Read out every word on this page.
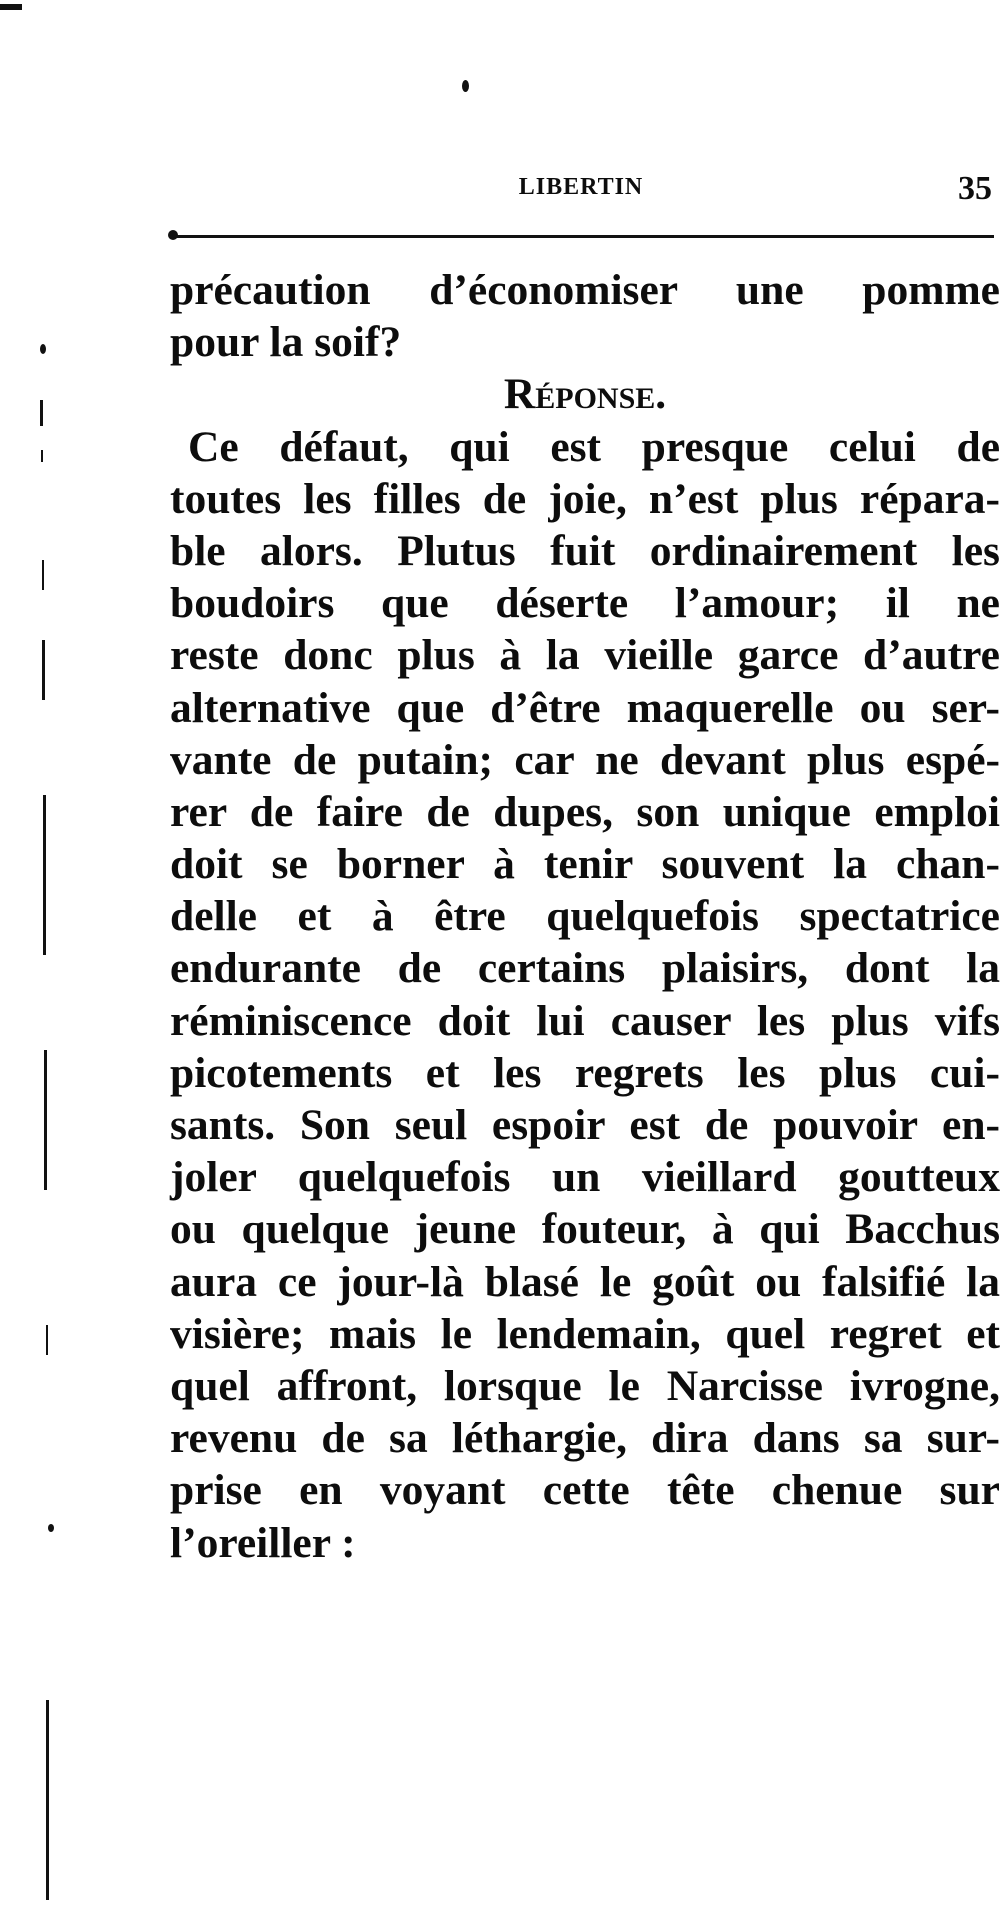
LIBERTIN	35
précaution d’économiser une pomme
pour la soif?
Réponse.
Ce défaut, qui est presque celui de
toutes les filles de joie, n’est plus répara-
ble alors. Plutus fuit ordinairement les
boudoirs que déserte l’amour; il ne
reste donc plus à la vieille garce d’autre
alternative que d’être maquerelle ou ser-
vante de putain; car ne devant plus espé-
rer de faire de dupes, son unique emploi
doit se borner à tenir souvent la chan-
delle et à être quelquefois spectatrice
endurante de certains plaisirs, dont la
réminiscence doit lui causer les plus vifs
picotements et les regrets les plus cui-
sants. Son seul espoir est de pouvoir en-
joler quelquefois un vieillard goutteux
ou quelque jeune fouteur, à qui Bacchus
aura ce jour-là blasé le goût ou falsifié la
visière; mais le lendemain, quel regret et
quel affront, lorsque le Narcisse ivrogne,
revenu de sa léthargie, dira dans sa sur-
prise en voyant cette tête chenue sur
l’oreiller :
